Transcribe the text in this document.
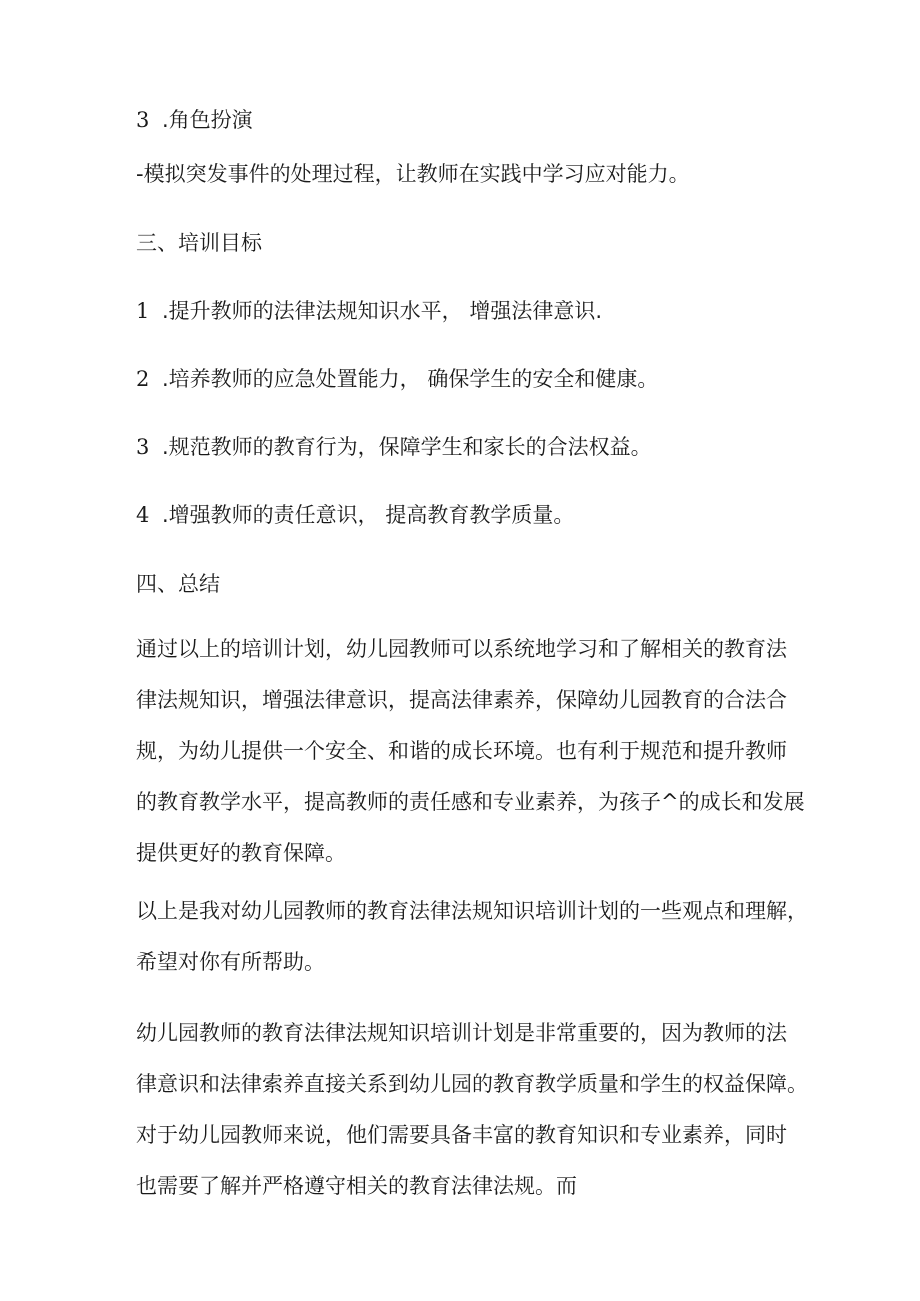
3 .角色扮演
-模拟突发事件的处理过程，让教师在实践中学习应对能力。
三、培训目标
1 .提升教师的法律法规知识水平， 增强法律意识.
2 .培养教师的应急处置能力， 确保学生的安全和健康。
3 .规范教师的教育行为，保障学生和家长的合法权益。
4 .增强教师的责任意识， 提高教育教学质量。
四、总结
通过以上的培训计划，幼儿园教师可以系统地学习和了解相关的教育法
律法规知识，增强法律意识，提高法律素养，保障幼儿园教育的合法合
规，为幼儿提供一个安全、和谐的成长环境。也有利于规范和提升教师
的教育教学水平，提高教师的责任感和专业素养，为孩子^的成长和发展
提供更好的教育保障。
以上是我对幼儿园教师的教育法律法规知识培训计划的一些观点和理解，
希望对你有所帮助。
幼儿园教师的教育法律法规知识培训计划是非常重要的，因为教师的法
律意识和法律索养直接关系到幼儿园的教育教学质量和学生的权益保障。
对于幼儿园教师来说，他们需要具备丰富的教育知识和专业素养，同时
也需要了解并严格遵守相关的教育法律法规。而
